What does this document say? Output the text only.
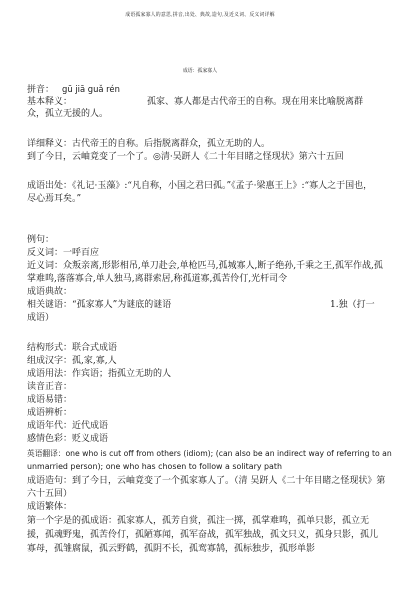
成语孤家寡人的意思,拼音,出处、典故,造句,及近义词、反义词详解
成语：孤家寡人
拼音： gū jiā guǎ rén
基本释义：	孤家、寡人都是古代帝王的自称。现在用来比喻脱离群
众，孤立无援的人。
详细释义：古代帝王的自称。后指脱离群众，孤立无助的人。
到了今日，云岫竟变了一个了。◎清·吴趼人《二十年目睹之怪现状》第六十五回
成语出处：《礼记·玉藻》:“凡自称，小国之君曰孤。”《孟子·梁惠王上》:“寡人之于国也，
尽心焉耳矣。”
例句：
反义词：一呼百应
近义词：众叛亲离,形影相吊,单刀赴会,单枪匹马,孤城寡人,断子绝孙,千乘之王,孤军作战,孤
掌难鸣,落落寡合,单人独马,离群索居,称孤道寡,孤苦伶仃,光杆司令
成语典故：
相关谜语：“孤家寡人”为谜底的谜语	1.独（打一
成语）
结构形式：联合式成语
组成汉字：孤,家,寡,人
成语用法：作宾语；指孤立无助的人
读音正音：
成语易错：
成语辨析：
成语年代：近代成语
感情色彩：贬义成语
英语翻译：one who is cut off from others (idiom); (can also be an indirect way of referring to an
unmarried person); one who has chosen to follow a solitary path
成语造句：到了今日，云岫竟变了一个孤家寡人了。（清 吴趼人《二十年目睹之怪现状》第
六十五回）
成语繁体：
第一个字是的孤成语：孤家寡人，孤芳自赏，孤注一掷，孤掌难鸣，孤单只影，孤立无
援，孤魂野鬼，孤苦伶仃，孤陋寡闻，孤军奋战，孤军独战，孤文只义，孤身只影，孤儿
寡母，孤雏腐鼠，孤云野鹤，孤阴不长，孤鸾寡鹄，孤标独步，孤形单影
